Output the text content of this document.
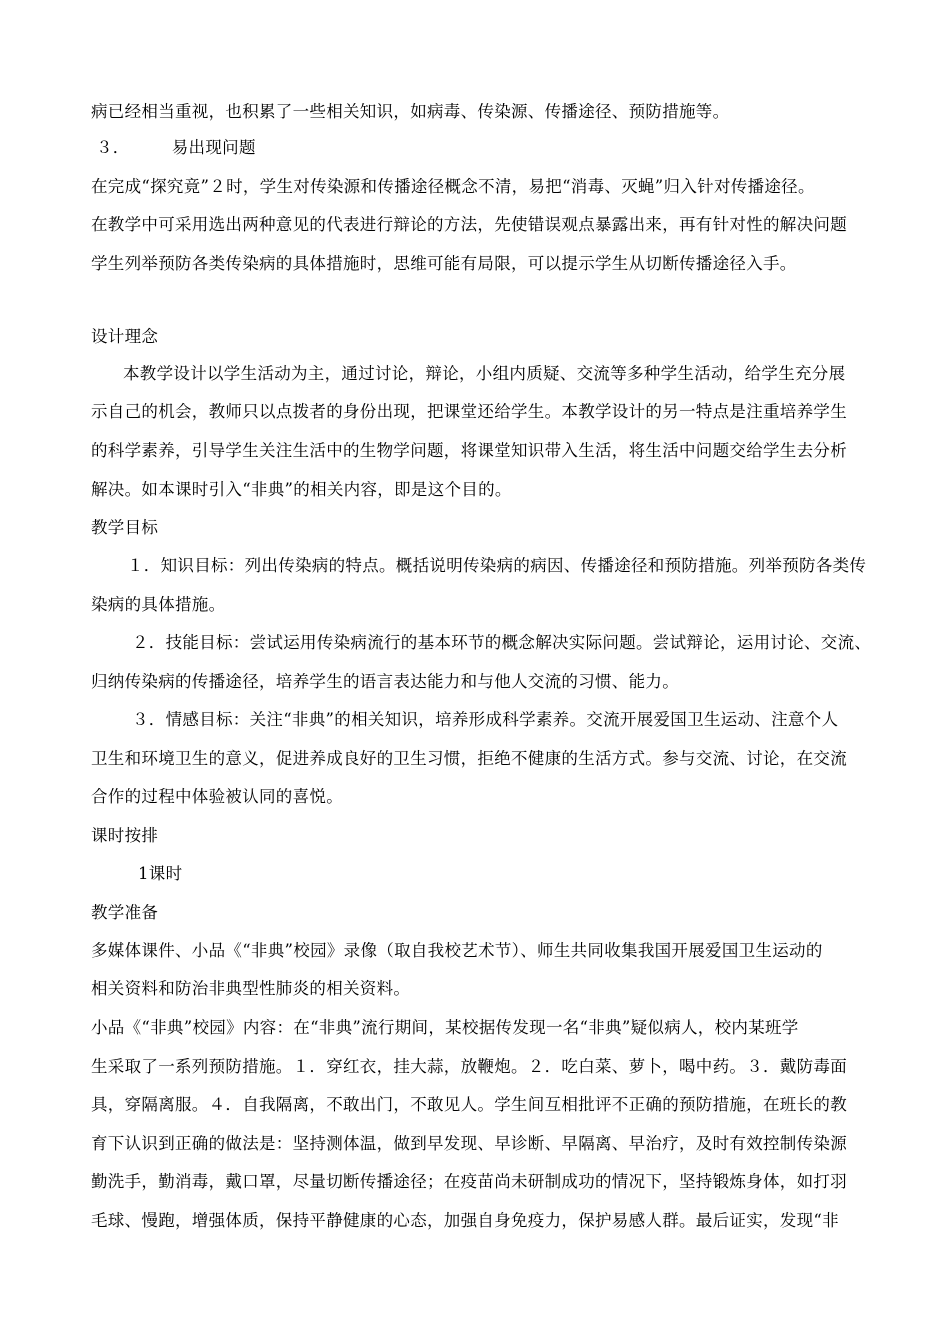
病已经相当重视，也积累了一些相关知识，如病毒、传染源、传播途径、预防措施等。
３．　　　易出现问题
在完成“探究竟”２时，学生对传染源和传播途径概念不清，易把“消毒、灭蝇”归入针对传播途径。
在教学中可采用选出两种意见的代表进行辩论的方法，先使错误观点暴露出来，再有针对性的解决问题
学生列举预防各类传染病的具体措施时，思维可能有局限，可以提示学生从切断传播途径入手。
设计理念
本教学设计以学生活动为主，通过讨论，辩论，小组内质疑、交流等多种学生活动，给学生充分展
示自己的机会，教师只以点拨者的身份出现，把课堂还给学生。本教学设计的另一特点是注重培养学生
的科学素养，引导学生关注生活中的生物学问题，将课堂知识带入生活，将生活中问题交给学生去分析
解决。如本课时引入“非典”的相关内容，即是这个目的。
教学目标
１．知识目标：列出传染病的特点。概括说明传染病的病因、传播途径和预防措施。列举预防各类传
染病的具体措施。
２．技能目标：尝试运用传染病流行的基本环节的概念解决实际问题。尝试辩论，运用讨论、交流、
归纳传染病的传播途径，培养学生的语言表达能力和与他人交流的习惯、能力。
３．情感目标：关注“非典”的相关知识，培养形成科学素养。交流开展爱国卫生运动、注意个人
卫生和环境卫生的意义，促进养成良好的卫生习惯，拒绝不健康的生活方式。参与交流、讨论，在交流
合作的过程中体验被认同的喜悦。
课时按排
1课时
教学准备
多媒体课件、小品《“非典”校园》录像（取自我校艺术节）、师生共同收集我国开展爱国卫生运动的
相关资料和防治非典型性肺炎的相关资料。
小品《“非典”校园》内容：在“非典”流行期间，某校据传发现一名“非典”疑似病人，校内某班学
生采取了一系列预防措施。１．穿红衣，挂大蒜，放鞭炮。２．吃白菜、萝卜，喝中药。３．戴防毒面
具，穿隔离服。４．自我隔离，不敢出门，不敢见人。学生间互相批评不正确的预防措施，在班长的教
育下认识到正确的做法是：坚持测体温，做到早发现、早诊断、早隔离、早治疗，及时有效控制传染源
勤洗手，勤消毒，戴口罩，尽量切断传播途径；在疫苗尚未研制成功的情况下，坚持锻炼身体，如打羽
毛球、慢跑，增强体质，保持平静健康的心态，加强自身免疫力，保护易感人群。最后证实，发现“非
